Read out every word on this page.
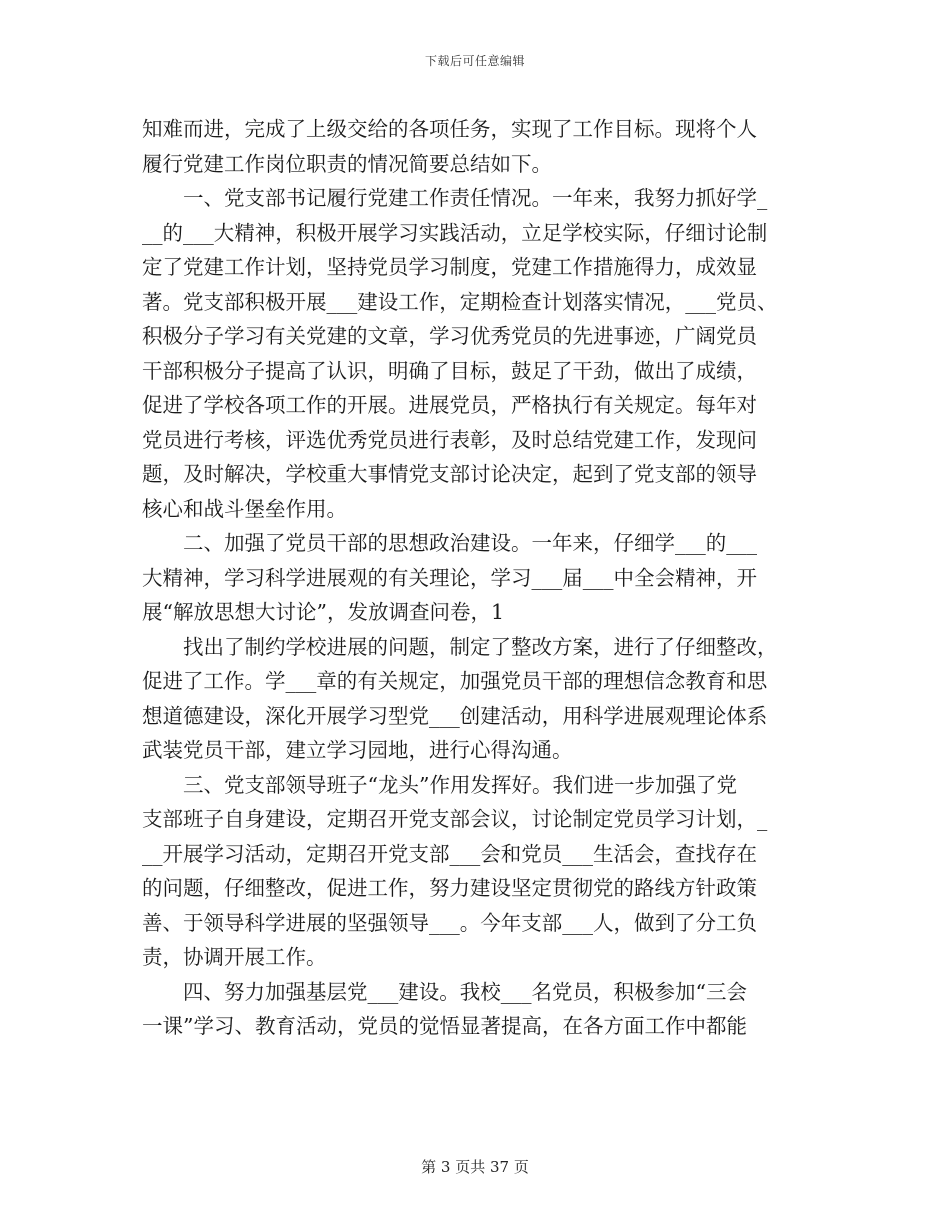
下载后可任意编辑
知难而进，完成了上级交给的各项任务，实现了工作目标。现将个人
履行党建工作岗位职责的情况简要总结如下。
　　一、党支部书记履行党建工作责任情况。一年来，我努力抓好学_
__的___大精神，积极开展学习实践活动，立足学校实际，仔细讨论制
定了党建工作计划，坚持党员学习制度，党建工作措施得力，成效显
著。党支部积极开展___建设工作，定期检查计划落实情况，___党员、
积极分子学习有关党建的文章，学习优秀党员的先进事迹，广阔党员
干部积极分子提高了认识，明确了目标，鼓足了干劲，做出了成绩，
促进了学校各项工作的开展。进展党员，严格执行有关规定。每年对
党员进行考核，评选优秀党员进行表彰，及时总结党建工作，发现问
题，及时解决，学校重大事情党支部讨论决定，起到了党支部的领导
核心和战斗堡垒作用。
　　二、加强了党员干部的思想政治建设。一年来，仔细学___的___
大精神，学习科学进展观的有关理论，学习___届___中全会精神，开
展“解放思想大讨论”，发放调查问卷，1
　　找出了制约学校进展的问题，制定了整改方案，进行了仔细整改，
促进了工作。学___章的有关规定，加强党员干部的理想信念教育和思
想道德建设，深化开展学习型党___创建活动，用科学进展观理论体系
武装党员干部，建立学习园地，进行心得沟通。
　　三、党支部领导班子“龙头”作用发挥好。我们进一步加强了党
支部班子自身建设，定期召开党支部会议，讨论制定党员学习计划，_
__开展学习活动，定期召开党支部___会和党员___生活会，查找存在
的问题，仔细整改，促进工作，努力建设坚定贯彻党的路线方针政策
善、于领导科学进展的坚强领导___。今年支部___人，做到了分工负
责，协调开展工作。
　　四、努力加强基层党___建设。我校___名党员，积极参加“三会
一课”学习、教育活动，党员的觉悟显著提高，在各方面工作中都能
第 3 页共 37 页
